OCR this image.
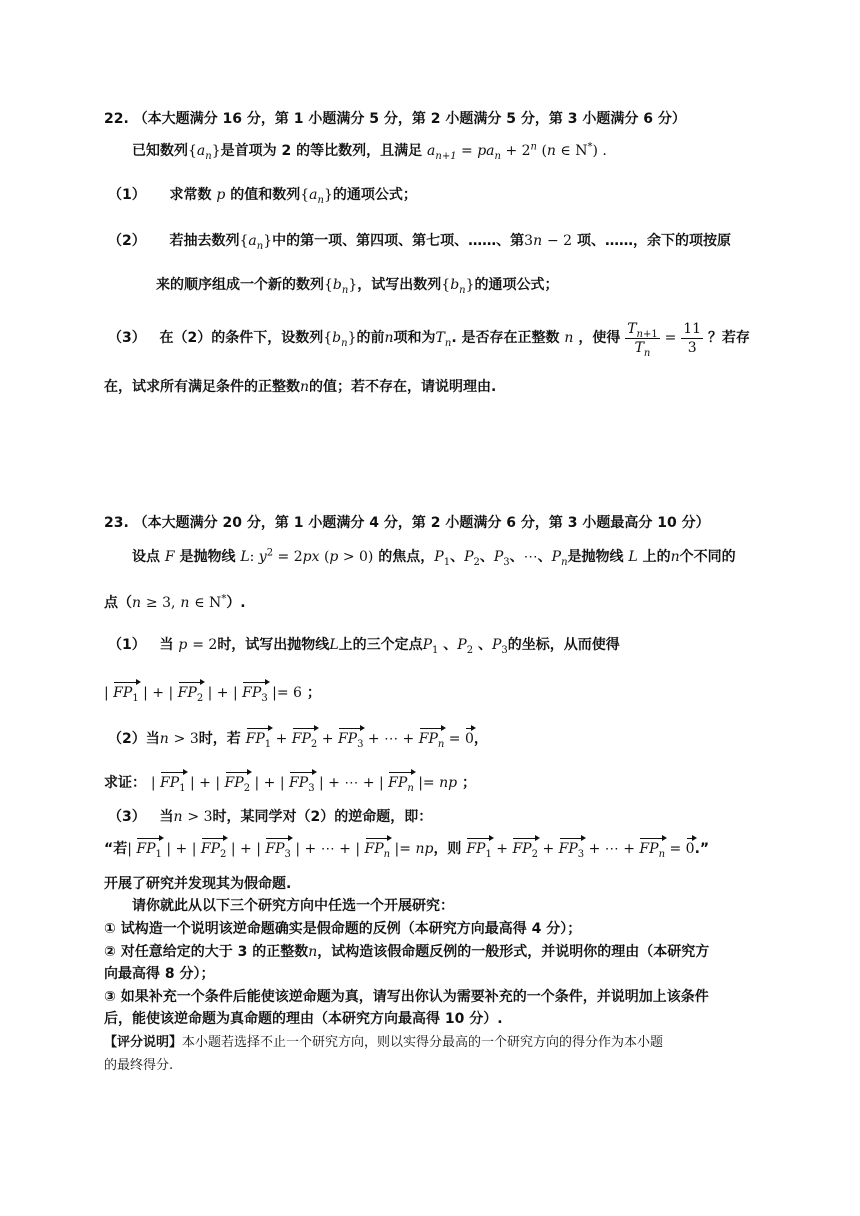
22. （本大题满分 16 分，第 1 小题满分 5 分，第 2 小题满分 5 分，第 3 小题满分 6 分）
已知数列$\{a_n\}$是首项为 2 的等比数列，且满足 $a_{n+1} = pa_n + 2^n$ (n ∈ N*) .
（1） 求常数 p 的值和数列$\{a_n\}$的通项公式；
（2） 若抽去数列$\{a_n\}$中的第一项、第四项、第七项、……、第3n − 2 项、……，余下的项按原
来的顺序组成一个新的数列$\{b_n\}$，试写出数列$\{b_n\}$的通项公式；
（3） 在（2）的条件下，设数列$\{b_n\}$的前n项和为$T_n$. 是否存在正整数 n ，使得 $\frac{T_{n+1}}{T_n} = \frac{11}{3}$ ？若存
在，试求所有满足条件的正整数n的值；若不存在，请说明理由.
23. （本大题满分 20 分，第 1 小题满分 4 分，第 2 小题满分 6 分，第 3 小题最高分 10 分）
设点 F 是抛物线 L: $y^2 = 2px$ (p > 0) 的焦点，$P_1$、$P_2$、$P_3$、⋯、$P_n$是抛物线 L 上的n个不同的
点（n ≥ 3, n ∈ N*）.
（1） 当 p = 2时，试写出抛物线L上的三个定点$P_1$ 、$P_2$ 、$P_3$的坐标，从而使得
| $FP_1$ | + | $FP_2$ | + | $FP_3$ |= 6 ；
（2）当n > 3时，若 $FP_1 + FP_2 + FP_3$ + ⋯ + $FP_n = 0$，
求证： | $FP_1$ | + | $FP_2$ | + | $FP_3$ | + ⋯ + | $FP_n$ |= np ；
（3） 当n > 3时，某同学对（2）的逆命题，即：
“若| $FP_1$ | + | $FP_2$ | + | $FP_3$ | + ⋯ + | $FP_n$ |= np，则 $FP_1 + FP_2 + FP_3$ + ⋯ + $FP_n = 0$.”
开展了研究并发现其为假命题.
请你就此从以下三个研究方向中任选一个开展研究：
① 试构造一个说明该逆命题确实是假命题的反例（本研究方向最高得 4 分）；
② 对任意给定的大于 3 的正整数n，试构造该假命题反例的一般形式，并说明你的理由（本研究方
向最高得 8 分）；
③ 如果补充一个条件后能使该逆命题为真，请写出你认为需要补充的一个条件，并说明加上该条件
后，能使该逆命题为真命题的理由（本研究方向最高得 10 分）.
【评分说明】本小题若选择不止一个研究方向，则以实得分最高的一个研究方向的得分作为本小题
的最终得分.
